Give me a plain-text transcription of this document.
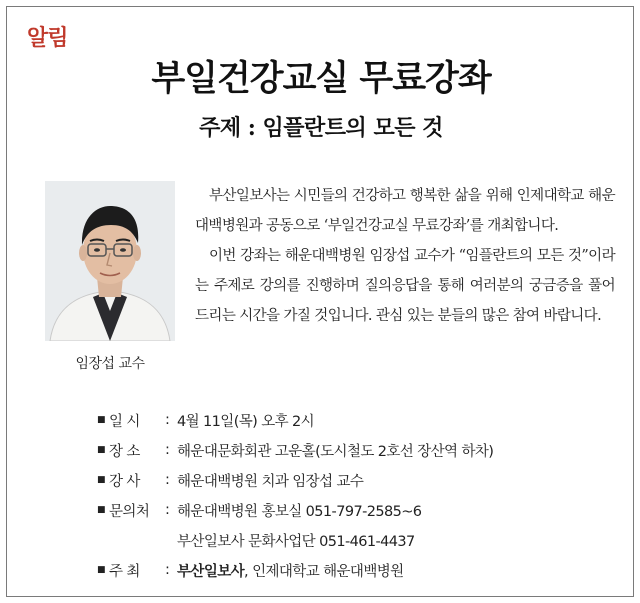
알림
부일건강교실 무료강좌
주제 : 임플란트의 모든 것
임장섭 교수

부산일보사는 시민들의 건강하고 행복한 삶을 위해 인제대학교 해운대백병원과 공동으로 ‘부일건강교실 무료강좌’를 개최합니다.

이번 강좌는 해운대백병원 임장섭 교수가 “임플란트의 모든 것”이라는 주제로 강의를 진행하며 질의응답을 통해 여러분의 궁금증을 풀어드리는 시간을 가질 것입니다. 관심 있는 분들의 많은 참여 바랍니다.

■ 일 시	: 4월 11일(목) 오후 2시
■ 장 소	: 해운대문화회관 고운홀(도시철도 2호선 장산역 하차)
■ 강 사	: 해운대백병원 치과 임장섭 교수
■ 문의처	: 해운대백병원 홍보실 051-797-2585~6
부산일보사 문화사업단 051-461-4437
■ 주 최	: 부산일보사, 인제대학교 해운대백병원
